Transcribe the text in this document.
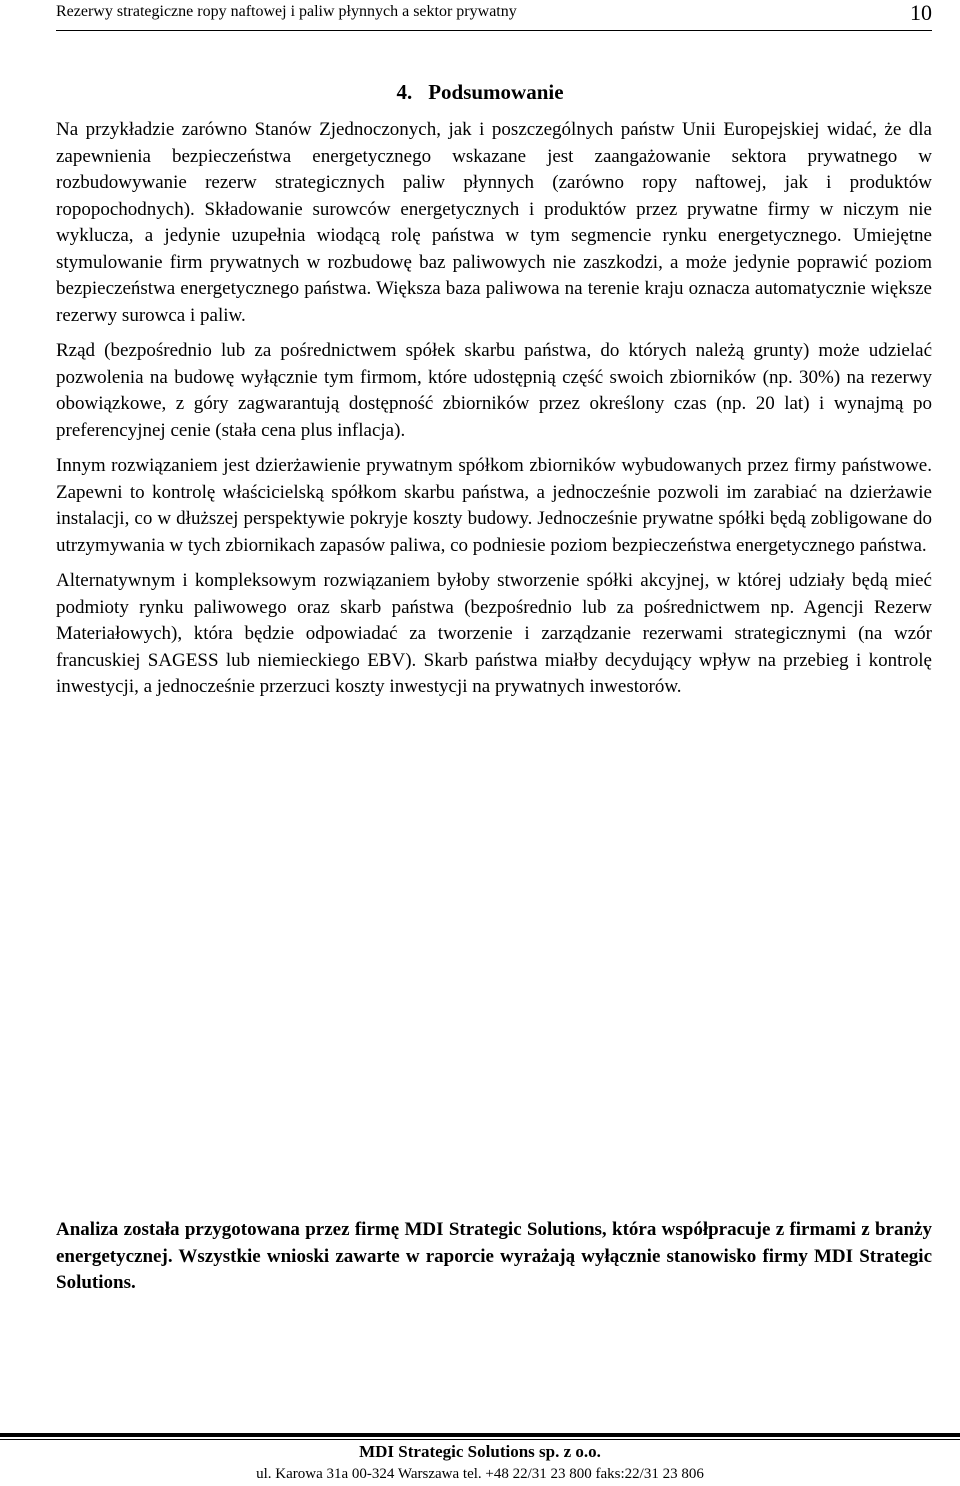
Rezerwy strategiczne ropy naftowej i paliw płynnych a sektor prywatny	10
4. Podsumowanie

Na przykładzie zarówno Stanów Zjednoczonych, jak i poszczególnych państw Unii Europejskiej widać, że dla zapewnienia bezpieczeństwa energetycznego wskazane jest zaangażowanie sektora prywatnego w rozbudowywanie rezerw strategicznych paliw płynnych (zarówno ropy naftowej, jak i produktów ropopochodnych). Składowanie surowców energetycznych i produktów przez prywatne firmy w niczym nie wyklucza, a jedynie uzupełnia wiodącą rolę państwa w tym segmencie rynku energetycznego. Umiejętne stymulowanie firm prywatnych w rozbudowę baz paliwowych nie zaszkodzi, a może jedynie poprawić poziom bezpieczeństwa energetycznego państwa. Większa baza paliwowa na terenie kraju oznacza automatycznie większe rezerwy surowca i paliw.

Rząd (bezpośrednio lub za pośrednictwem spółek skarbu państwa, do których należą grunty) może udzielać pozwolenia na budowę wyłącznie tym firmom, które udostępnią część swoich zbiorników (np. 30%) na rezerwy obowiązkowe, z góry zagwarantują dostępność zbiorników przez określony czas (np. 20 lat) i wynajmą po preferencyjnej cenie (stała cena plus inflacja).

Innym rozwiązaniem jest dzierżawienie prywatnym spółkom zbiorników wybudowanych przez firmy państwowe. Zapewni to kontrolę właścicielską spółkom skarbu państwa, a jednocześnie pozwoli im zarabiać na dzierżawie instalacji, co w dłuższej perspektywie pokryje koszty budowy. Jednocześnie prywatne spółki będą zobligowane do utrzymywania w tych zbiornikach zapasów paliwa, co podniesie poziom bezpieczeństwa energetycznego państwa.

Alternatywnym i kompleksowym rozwiązaniem byłoby stworzenie spółki akcyjnej, w której udziały będą mieć podmioty rynku paliwowego oraz skarb państwa (bezpośrednio lub za pośrednictwem np. Agencji Rezerw Materiałowych), która będzie odpowiadać za tworzenie i zarządzanie rezerwami strategicznymi (na wzór francuskiej SAGESS lub niemieckiego EBV). Skarb państwa miałby decydujący wpływ na przebieg i kontrolę inwestycji, a jednocześnie przerzuci koszty inwestycji na prywatnych inwestorów.

Analiza została przygotowana przez firmę MDI Strategic Solutions, która współpracuje z firmami z branży energetycznej. Wszystkie wnioski zawarte w raporcie wyrażają wyłącznie stanowisko firmy MDI Strategic Solutions.

MDI Strategic Solutions sp. z o.o.
ul. Karowa 31a 00-324 Warszawa tel. +48 22/31 23 800 faks:22/31 23 806
